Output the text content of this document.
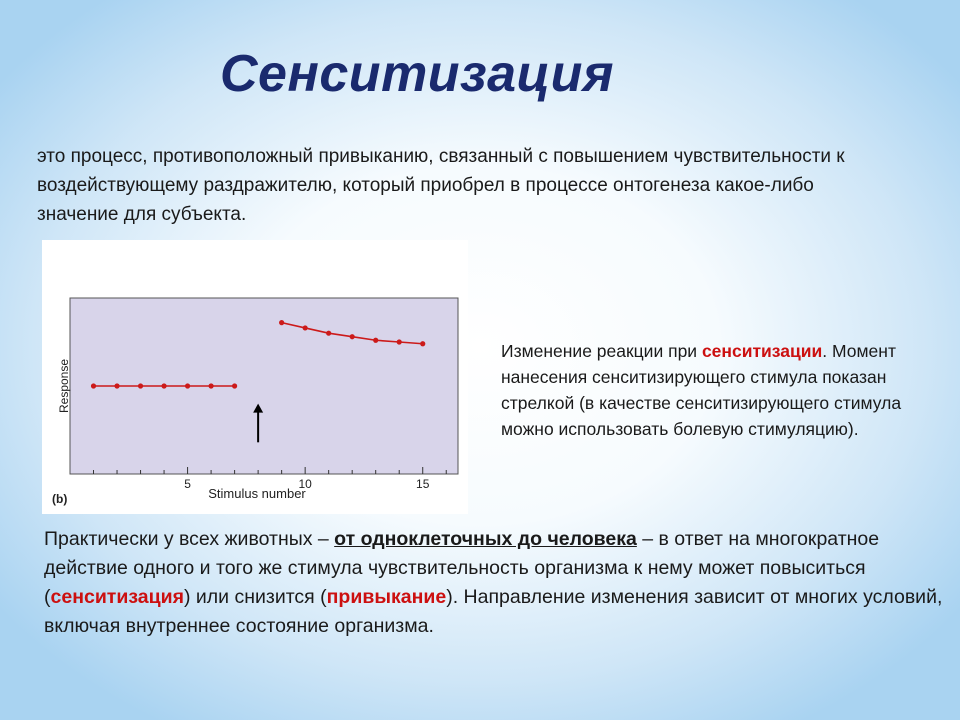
Сенситизация
это процесс, противоположный привыканию, связанный с повышением чувствительности к воздействующему раздражителю, который приобрел в процессе онтогенеза какое-либо значение для субъекта.
Response
Stimulus number
(b)
5	10	15
Изменение реакции при сенситизации. Момент нанесения сенситизирующего стимула показан стрелкой (в качестве сенситизирующего стимула можно использовать болевую стимуляцию).
Практически у всех животных – от одноклеточных до человека – в ответ на многократное действие одного и того же стимула чувствительность организма к нему может повыситься (сенситизация) или снизится (привыкание). Направление изменения зависит от многих условий, включая внутреннее состояние организма.
